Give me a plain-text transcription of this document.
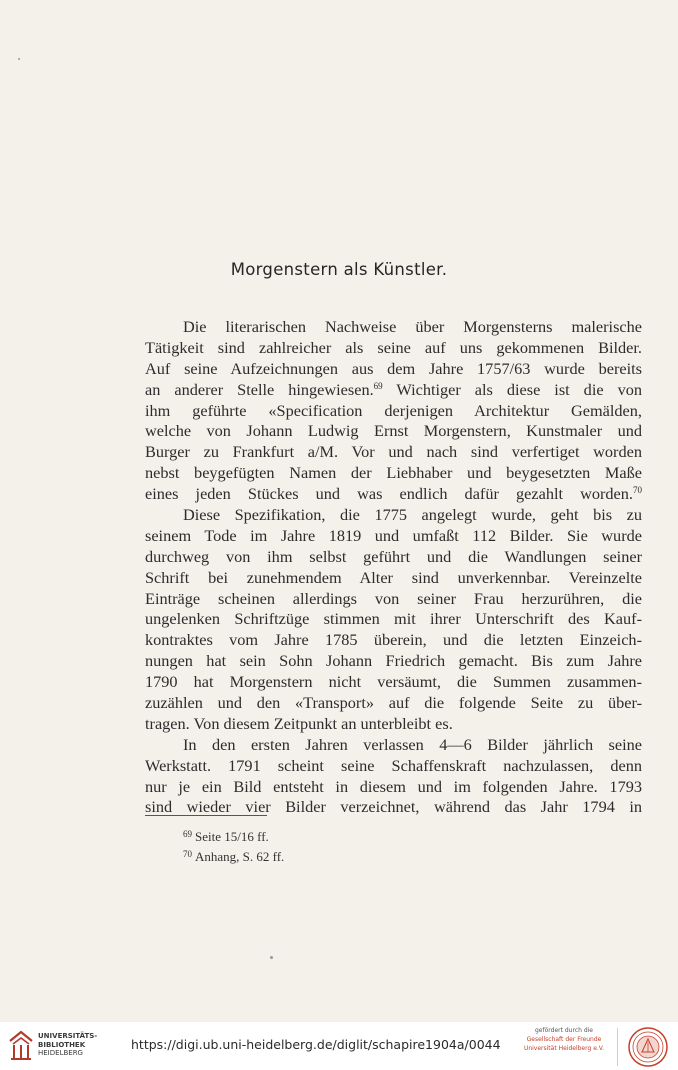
Morgenstern als Künstler.
Die literarischen Nachweise über Morgensterns malerische
Tätigkeit sind zahlreicher als seine auf uns gekommenen Bilder.
Auf seine Aufzeichnungen aus dem Jahre 1757/63 wurde bereits
an anderer Stelle hingewiesen.$^{69}$ Wichtiger als diese ist die von
ihm geführte «Specification derjenigen Architektur Gemälden,
welche von Johann Ludwig Ernst Morgenstern, Kunstmaler und
Burger zu Frankfurt a/M. Vor und nach sind verfertiget worden
nebst beygefügten Namen der Liebhaber und beygesetzten Maße
eines jeden Stückes und was endlich dafür gezahlt worden.$^{70}$
Diese Spezifikation, die 1775 angelegt wurde, geht bis zu
seinem Tode im Jahre 1819 und umfaßt 112 Bilder. Sie wurde
durchweg von ihm selbst geführt und die Wandlungen seiner
Schrift bei zunehmendem Alter sind unverkennbar. Vereinzelte
Einträge scheinen allerdings von seiner Frau herzurühren, die
ungelenken Schriftzüge stimmen mit ihrer Unterschrift des Kauf-
kontraktes vom Jahre 1785 überein, und die letzten Einzeich-
nungen hat sein Sohn Johann Friedrich gemacht. Bis zum Jahre
1790 hat Morgenstern nicht versäumt, die Summen zusammen-
zuzählen und den «Transport» auf die folgende Seite zu über-
tragen. Von diesem Zeitpunkt an unterbleibt es.
In den ersten Jahren verlassen 4—6 Bilder jährlich seine
Werkstatt. 1791 scheint seine Schaffenskraft nachzulassen, denn
nur je ein Bild entsteht in diesem und im folgenden Jahre. 1793
sind wieder vier Bilder verzeichnet, während das Jahr 1794 in
$^{69}$ Seite 15/16 ff.
$^{70}$ Anhang, S. 62 ff.
UNIVERSITÄTS-
BIBLIOTHEK
HEIDELBERG
https://digi.ub.uni-heidelberg.de/diglit/schapire1904a/0044
gefördert durch die
Gesellschaft der Freunde
Universität Heidelberg e.V.
